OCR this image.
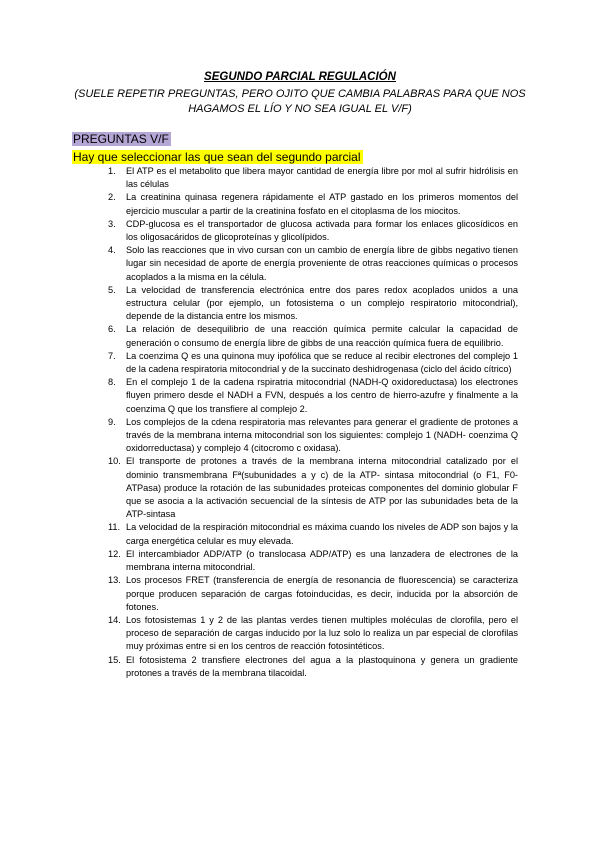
SEGUNDO PARCIAL REGULACIÓN
(SUELE REPETIR PREGUNTAS, PERO OJITO QUE CAMBIA PALABRAS PARA QUE NOS HAGAMOS EL LÍO Y NO SEA IGUAL EL V/F)
PREGUNTAS V/F
Hay que seleccionar las que sean del segundo parcial
1. El ATP es el metabolito que libera mayor cantidad de energía libre por mol al sufrir hidrólisis en las células
2. La creatinina quinasa regenera rápidamente el ATP gastado en los primeros momentos del ejercicio muscular a partir de la creatinina fosfato en el citoplasma de los miocitos.
3. CDP-glucosa es el transportador de glucosa activada para formar los enlaces glicosídicos en los oligosacáridos de glicoproteínas y glicolípidos.
4. Solo las reacciones que in vivo cursan con un cambio de energía libre de gibbs negativo tienen lugar sin necesidad de aporte de energía proveniente de otras reacciones químicas o procesos acoplados a la misma en la célula.
5. La velocidad de transferencia electrónica entre dos pares redox acoplados unidos a una estructura celular (por ejemplo, un fotosistema o un complejo respiratorio mitocondrial), depende de la distancia entre los mismos.
6. La relación de desequilibrio de una reacción química permite calcular la capacidad de generación o consumo de energía libre de gibbs de una reacción química fuera de equilibrio.
7. La coenzima Q es una quinona muy ipofólica que se reduce al recibir electrones del complejo 1 de la cadena respiratoria mitocondrial y de la succinato deshidrogenasa (ciclo del ácido cítrico)
8. En el complejo 1 de la cadena rspiratria mitocondrial (NADH-Q oxidoreductasa) los electrones fluyen primero desde el NADH a FVN, después a los centro de hierro-azufre y finalmente a la coenzima Q que los transfiere al complejo 2.
9. Los complejos de la cdena respiratoria mas relevantes para generar el gradiente de protones a través de la membrana interna mitocondrial son los siguientes: complejo 1 (NADH- coenzima Q oxidorreductasa) y complejo 4 (citocromo c oxidasa).
10. El transporte de protones a través de la membrana interna mitocondrial catalizado por el dominio transmembrana Fª(subunidades a y c) de la ATP- sintasa mitocondrial (o F1, F0-ATPasa) produce la rotación de las subunidades proteicas componentes del dominio globular F que se asocia a la activación secuencial de la síntesis de ATP por las subunidades beta de la ATP-sintasa
11. La velocidad de la respiración mitocondrial es máxima cuando los niveles de ADP son bajos y la carga energética celular es muy elevada.
12. El intercambiador ADP/ATP (o translocasa ADP/ATP) es una lanzadera de electrones de la membrana interna mitocondrial.
13. Los procesos FRET (transferencia de energía de resonancia de fluorescencia) se caracteriza porque producen separación de cargas fotoinducidas, es decir, inducida por la absorción de fotones.
14. Los fotosistemas 1 y 2 de las plantas verdes tienen multiples moléculas de clorofila, pero el proceso de separación de cargas inducido por la luz solo lo realiza un par especial de clorofilas muy próximas entre si en los centros de reacción fotosintéticos.
15. El fotosistema 2 transfiere electrones del agua a la plastoquinona y genera un gradiente protones a través de la membrana tilacoidal.
